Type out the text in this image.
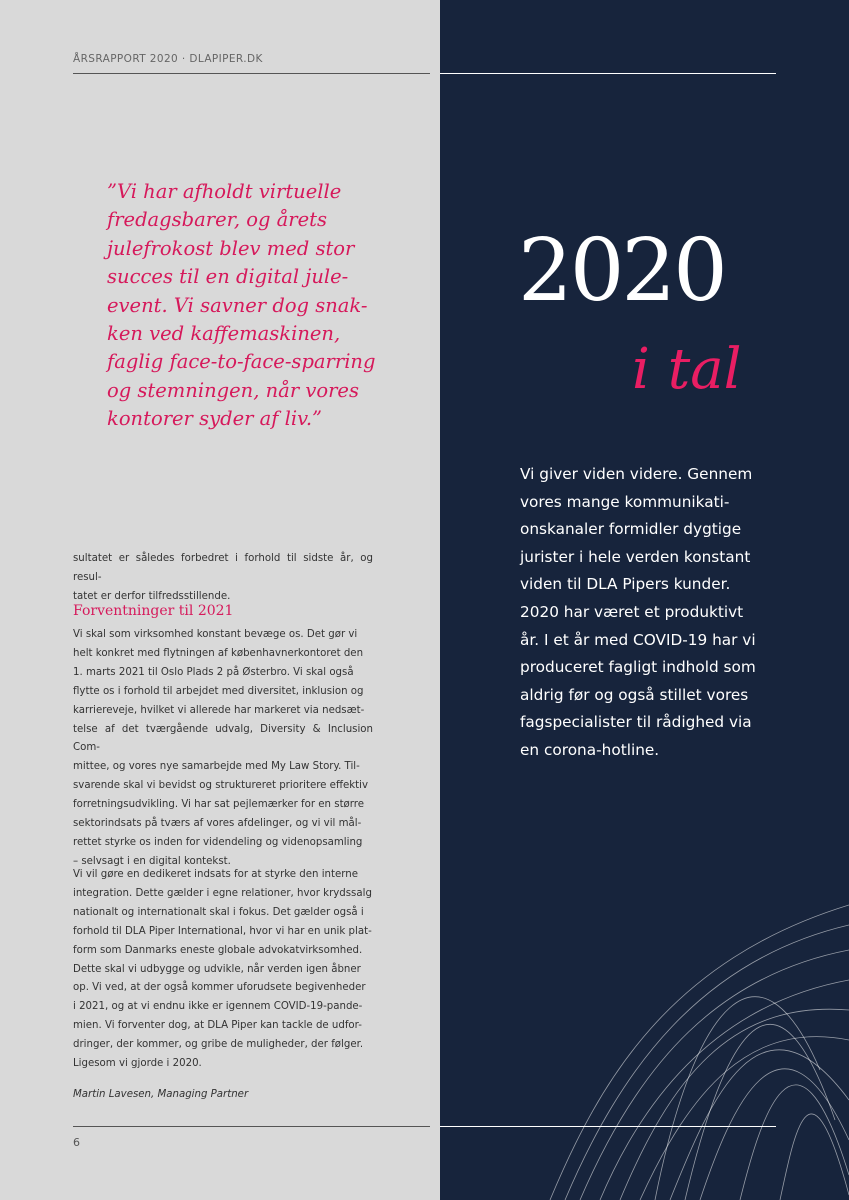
ÅRSRAPPORT 2020 · DLAPIPER.DK
”Vi har afholdt virtuelle
fredagsbarer, og årets
julefrokost blev med stor
succes til en digital jule-
event. Vi savner dog snak-
ken ved kaffemaskinen,
faglig face-to-face-sparring
og stemningen, når vores
kontorer syder af liv.”
sultatet er således forbedret i forhold til sidste år, og resul-
tatet er derfor tilfredsstillende.
Forventninger til 2021
Vi skal som virksomhed konstant bevæge os. Det gør vi
helt konkret med flytningen af københavnerkontoret den
1. marts 2021 til Oslo Plads 2 på Østerbro. Vi skal også
flytte os i forhold til arbejdet med diversitet, inklusion og
karriereveje, hvilket vi allerede har markeret via nedsæt-
telse af det tværgående udvalg, Diversity & Inclusion Com-
mittee, og vores nye samarbejde med My Law Story. Til-
svarende skal vi bevidst og struktureret prioritere effektiv
forretningsudvikling. Vi har sat pejlemærker for en større
sektorindsats på tværs af vores afdelinger, og vi vil mål-
rettet styrke os inden for videndeling og videnopsamling
– selvsagt i en digital kontekst.
Vi vil gøre en dedikeret indsats for at styrke den interne
integration. Dette gælder i egne relationer, hvor krydssalg
nationalt og internationalt skal i fokus. Det gælder også i
forhold til DLA Piper International, hvor vi har en unik plat-
form som Danmarks eneste globale advokatvirksomhed.
Dette skal vi udbygge og udvikle, når verden igen åbner
op. Vi ved, at der også kommer uforudsete begivenheder
i 2021, og at vi endnu ikke er igennem COVID-19-pande-
mien. Vi forventer dog, at DLA Piper kan tackle de udfor-
dringer, der kommer, og gribe de muligheder, der følger.
Ligesom vi gjorde i 2020.
Martin Lavesen, Managing Partner
6
2020
i tal
Vi giver viden videre. Gennem
vores mange kommunikati-
onskanaler formidler dygtige
jurister i hele verden konstant
viden til DLA Pipers kunder.
2020 har været et produktivt
år. I et år med COVID-19 har vi
produceret fagligt indhold som
aldrig før og også stillet vores
fagspecialister til rådighed via
en corona-hotline.
